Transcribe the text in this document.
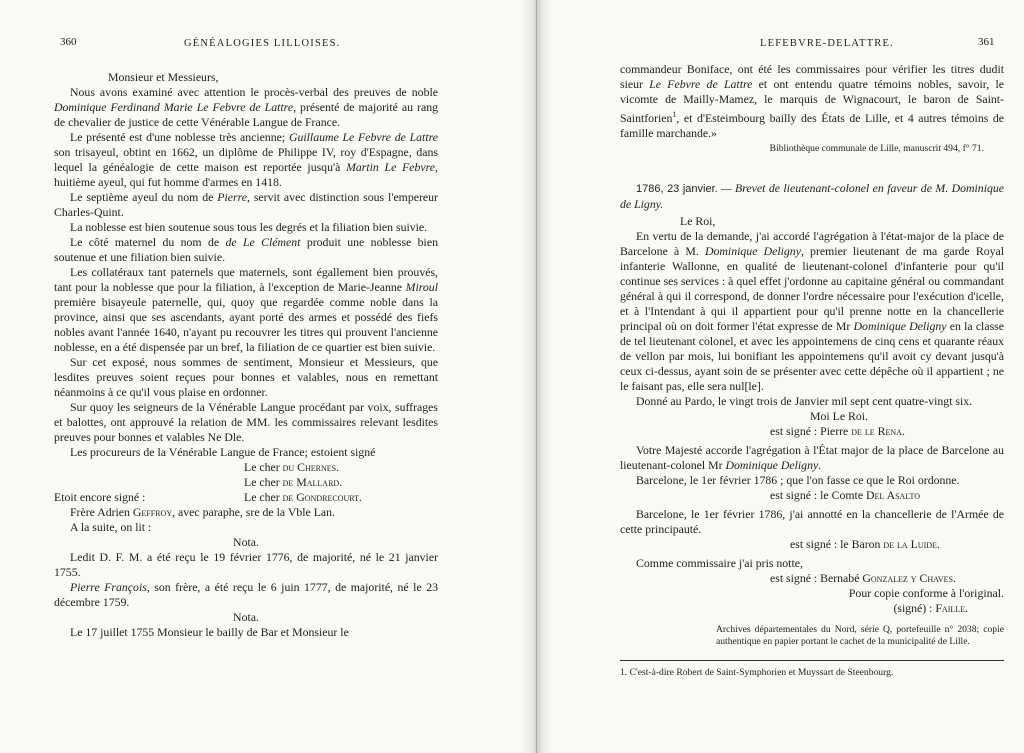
360	GÉNÉALOGIES LILLOISES.

Monsieur et Messieurs,

Nous avons examiné avec attention le procès-verbal des preuves de noble Dominique Ferdinand Marie Le Febvre de Lattre, présenté de majorité au rang de chevalier de justice de cette Vénérable Langue de France.

Le présenté est d'une noblesse très ancienne; Guillaume Le Febvre de Lattre son trisayeul, obtint en 1662, un diplôme de Philippe IV, roy d'Espagne, dans lequel la généalogie de cette maison est reportée jusqu'à Martin Le Febvre, huitième ayeul, qui fut homme d'armes en 1418.

Le septième ayeul du nom de Pierre, servit avec distinction sous l'empereur Charles-Quint.

La noblesse est bien soutenue sous tous les degrés et la filiation bien suivie.

Le côté maternel du nom de de Le Clément produit une noblesse bien soutenue et une filiation bien suivie.

Les collatéraux tant paternels que maternels, sont égallement bien prouvés, tant pour la noblesse que pour la filiation, à l'exception de Marie-Jeanne Miroul première bisayeule paternelle, qui, quoy que regardée comme noble dans la province, ainsi que ses ascendants, ayant porté des armes et possédé des fiefs nobles avant l'année 1640, n'ayant pu recouvrer les titres qui prouvent l'ancienne noblesse, en a été dispensée par un bref, la filiation de ce quartier est bien suivie.

Sur cet exposé, nous sommes de sentiment, Monsieur et Messieurs, que lesdites preuves soient reçues pour bonnes et valables, nous en remettant néanmoins à ce qu'il vous plaise en ordonner.

Sur quoy les seigneurs de la Vénérable Langue procédant par voix, suffrages et balottes, ont approuvé la relation de MM. les commissaires relevant lesdites preuves pour bonnes et valables Ne Dle.

Les procureurs de la Vénérable Langue de France; estoient signé

Le cher du Chernes.

Le cher de Mallard.

Etoit encore signé :	Le cher de Gondrecourt.

Frère Adrien Geffroy, avec paraphe, sre de la Vble Lan.

A la suite, on lit :

Nota.

Ledit D. F. M. a été reçu le 19 février 1776, de majorité, né le 21 janvier 1755.

Pierre François, son frère, a été reçu le 6 juin 1777, de majorité, né le 23 décembre 1759.

Nota.

Le 17 juillet 1755 Monsieur le bailly de Bar et Monsieur le

LEFEBVRE-DELATTRE.	361

commandeur Boniface, ont été les commissaires pour vérifier les titres dudit sieur Le Febvre de Lattre et ont entendu quatre témoins nobles, savoir, le vicomte de Mailly-Mamez, le marquis de Wignacourt, le baron de Saint-Saintforien$^1$, et d'Esteimbourg bailly des États de Lille, et 4 autres témoins de famille marchande.»

Bibliothèque communale de Lille, manuscrit 494, f° 71.

1786, 23 janvier. — Brevet de lieutenant-colonel en faveur de M. Dominique de Ligny.

Le Roi,

En vertu de la demande, j'ai accordé l'agrégation à l'état-major de la place de Barcelone à M. Dominique Deligny, premier lieutenant de ma garde Royal infanterie Wallonne, en qualité de lieutenant-colonel d'infanterie pour qu'il continue ses services : à quel effet j'ordonne au capitaine général ou commandant général à qui il correspond, de donner l'ordre nécessaire pour l'exécution d'icelle, et à l'Intendant à qui il appartient pour qu'il prenne notte en la chancellerie principal où on doit former l'état expresse de Mr Dominique Deligny en la classe de tel lieutenant colonel, et avec les appointemens de cinq cens et quarante réaux de vellon par mois, lui bonifiant les appointemens qu'il avoit cy devant jusqu'à ceux ci-dessus, ayant soin de se présenter avec cette dépêche où il appartient ; ne le faisant pas, elle sera nul[le].

Donné au Pardo, le vingt trois de Janvier mil sept cent quatre-vingt six.

Moi Le Roi.

est signé : Pierre de le Rena.

Votre Majesté accorde l'agrégation à l'État major de la place de Barcelone au lieutenant-colonel Mr Dominique Deligny.

Barcelone, le 1er février 1786 ; que l'on fasse ce que le Roi ordonne.

est signé : le Comte Del Asalto

Barcelone, le 1er février 1786, j'ai annotté en la chancellerie de l'Armée de cette principauté.

est signé : le Baron de la Luide.

Comme commissaire j'ai pris notte,

est signé : Bernabé Gonzalez y Chaves.

Pour copie conforme à l'original.

(signé) : Faille.

Archives départementales du Nord, série Q, portefeuille n° 2038; copie authentique en papier portant le cachet de la municipalité de Lille.

1. C'est-à-dire Robert de Saint-Symphorien et Muyssart de Steenbourg.
